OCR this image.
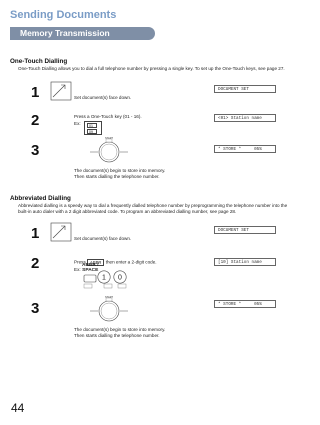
Sending Documents
Memory Transmission
One-Touch Dialling
One-Touch Dialling allows you to dial a full telephone number by pressing a single key. To set up the One-Touch keys, see page 27.
1	Set document(s) face down.
DOCUMENT SET
2	Press a One-Touch key (01 - 16).
Ex:	01
09
<01> Station name
3
START
* STORE *     05%
The document(s) begin to store into memory.
Then starts dialling the telephone number.
Abbreviated Dialling
Abbreviated dialling is a speedy way to dial a frequently dialled telephone number by preprogramming the telephone number into the built-in auto dialer with a 2 digit abbreviated code. To program an abbreviated dialling number, see page 28.
1	Set document(s) face down.
DOCUMENT SET
2	Press ABBR then enter a 2-digit code.
Ex:
ABBR /
SPACE
1 0
[10] Station name
3
START
* STORE *     05%
The document(s) begin to store into memory.
Then starts dialling the telephone number.
44
